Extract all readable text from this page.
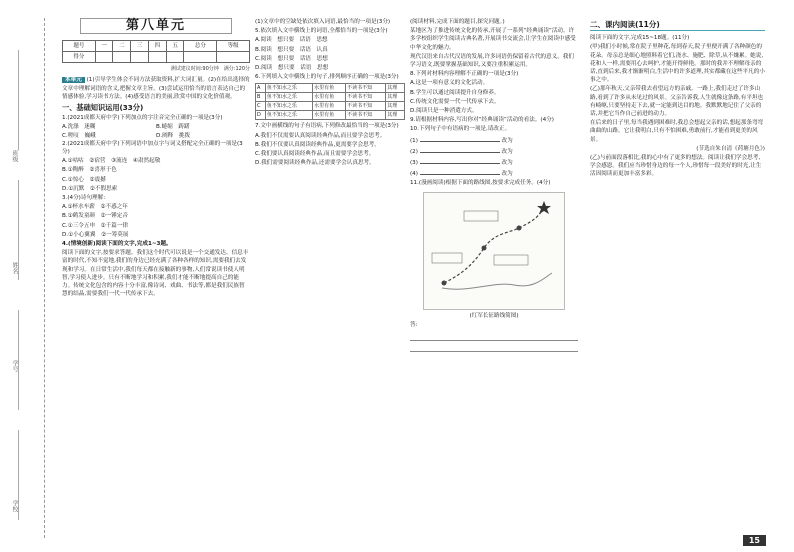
班级
姓名
学号
学校
第八单元
题号	一	二	三	四	五	总分	等级
得分							
测试建议时间:90分钟　满分:120分

本单元 (1)引导学生体会不同方法获取资料,扩大词汇量。(2)在给出选择的文章中理解词语的含义,把握文章主旨。(3)尝试运用恰当的语言表达自己的情感体验,学习读书方法。(4)感受语言的美丽,欣赏中国的文化价值观。

一、基础知识运用(33分)

1.(2021成都天府中学)下列加点的字注音完全正确的一项是(3分)

A.洗涤　迷糊	B.蜷缩　踌躇
C.嗟叹　巍峨	D.阐释　挑拨

2.(2021成都天府中学)下列词语中加点字与词义搭配完全正确的一项是(3分)

A.①咕咕　②宿营　③流连　④肃然起敬

B.①陶醉　②喜形于色

C.①惊心　②震撼

D.①沉默　②不假思索

3.(4分)诗句理解:

A.①杯水车薪　②不惑之年

B.①鹤发童颜　②一锤定音

C.①三令五申　②千篇一律

D.①小心翼翼　②一筹莫展

4.(情境创新)阅读下面的文字,完成1~3题。

阅读下面的文字,按要求答题。我们这个时代可以说是一个交通发达、信息丰富的时代,不知不觉地,我们的身边已经充满了各种各样的知识,需要我们去发现和学习。在日常生活中,我们每天都在接触新的事物,人们常说读书使人明智,学习使人进步。只有不断地学习和积累,我们才能不断地提高自己的能力。传统文化包含的内容十分丰富,像诗词、戏曲、书法等,都是我们民族智慧的结晶,需要我们一代一代传承下去。

(1)文章中的空缺处依次填入词语,最恰当的一项是(3分)

5.依次填入文中横线上的词语,全都恰当的一项是(3分)

A.阅读　想只要　话语　思想

B.阅读　想只要　话语　认真

C.阅读　想只要　话语　思想

D.阅读　想只要　话语　思想

6.下列填入文中横线上的句子,排列顺序正确的一项是(3分)

A	鱼不知水之乐	水里有鱼	不读书不知	其理
B	鱼不知水之乐	水里有鱼	不读书不知	其理
C	鱼不知水之乐	水里有鱼	不读书不知	其理
D	鱼不知水之乐	水里有鱼	不读书不知	其理

7.文中画横线的句子有语病,下列修改最恰当的一项是(3分)

A.我们不仅需要认真阅读经典作品,而且要学会思考。

B.我们不仅要认真阅读经典作品,更需要学会思考。

C.我们要认真阅读经典作品,而且需要学会思考。

D.我们需要阅读经典作品,还需要学会认真思考。

(阅读材料,完成下面的题目,探究问题。)

某地区为了推进传统文化的传承,开展了一系列“经典诵读”活动。许多学校组织学生阅读古典名著,开展读书交流会,让学生在阅读中感受中华文化的魅力。

现代汉语来自古代汉语的发展,许多词语仍保留着古代的意义。我们学习语文,既要掌握基础知识,又要注重积累运用。

8.下列对材料内容理解不正确的一项是(3分)

A.这是一项有意义的文化活动。

B.学生可以通过阅读提升自身修养。

C.传统文化需要一代一代传承下去。

D.阅读只是一种消遣方式。

9.请根据材料内容,写出你对“经典诵读”活动的看法。(4分)

10.下列句子中有语病的一项是,请改正。

(1)	改为

(2)	改为

(3)	改为

(4)	改为

11.(漫画阅读)根据下面的路线图,按要求完成任务。(4分)

(红军长征路线简图)

答:

二、课内阅读(11分)

阅读下面的文字,完成15~18题。(11分)

(甲)我们小时候,常在院子里种花,每到春天,院子里便开满了各种颜色的花朵。母亲总是细心地照料着它们,浇水、施肥、除草,从不嫌累。她说,花和人一样,需要用心去呵护,才能开得鲜艳。那时的我并不理解母亲的话,直到后来,我才渐渐明白,生活中的许多道理,其实都藏在这些平凡的小事之中。

(乙)那年秋天,父亲带我去看望远方的亲戚。一路上,我们走过了许多山路,看到了许多从未见过的风景。父亲告诉我,人生就像这条路,有平坦也有崎岖,只要坚持走下去,就一定能到达目的地。我默默地记住了父亲的话,并把它当作自己前进的动力。

在后来的日子里,每当我遇到困难时,我总会想起父亲的话,想起那条弯弯曲曲的山路。它让我明白,只有不怕困难,勇敢前行,才能看到更美的风景。

(节选自朱自清《荷塘月色》)

(乙)与前面段落相比,我的心中有了更多的想法。阅读让我们学会思考,学会感恩。我们应当珍惜身边的每一个人,珍惜每一段美好的时光,让生活因阅读而更加丰富多彩。

15
